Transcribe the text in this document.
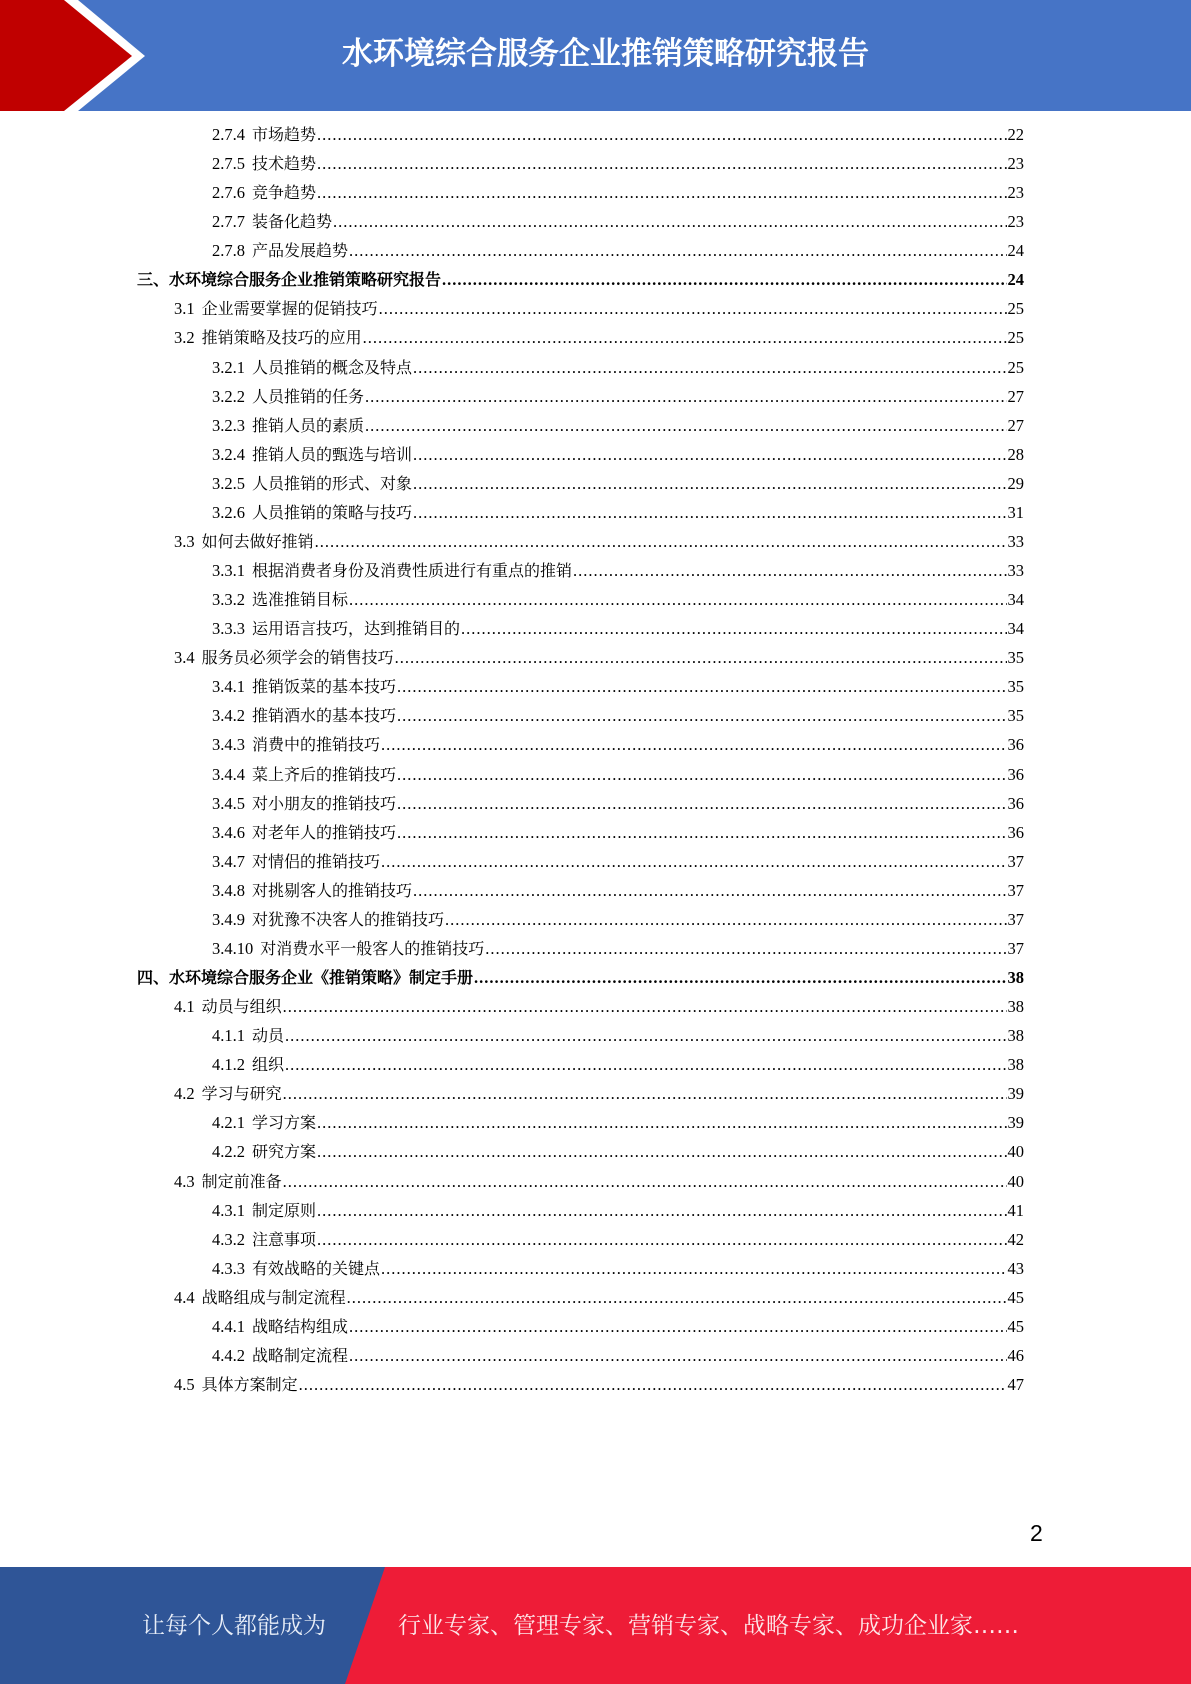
水环境综合服务企业推销策略研究报告
2.7.4 市场趋势 .....	22
2.7.5 技术趋势 .....	23
2.7.6 竞争趋势 .....	23
2.7.7 装备化趋势 .....	23
2.7.8 产品发展趋势 .....	24
三、水环境综合服务企业推销策略研究报告 .....	24
3.1 企业需要掌握的促销技巧 .....	25
3.2 推销策略及技巧的应用 .....	25
3.2.1 人员推销的概念及特点 .....	25
3.2.2 人员推销的任务 .....	27
3.2.3 推销人员的素质 .....	27
3.2.4 推销人员的甄选与培训 .....	28
3.2.5 人员推销的形式、对象 .....	29
3.2.6 人员推销的策略与技巧 .....	31
3.3 如何去做好推销 .....	33
3.3.1 根据消费者身份及消费性质进行有重点的推销 .....	33
3.3.2 选准推销目标 .....	34
3.3.3 运用语言技巧，达到推销目的 .....	34
3.4 服务员必须学会的销售技巧 .....	35
3.4.1 推销饭菜的基本技巧 .....	35
3.4.2 推销酒水的基本技巧 .....	35
3.4.3 消费中的推销技巧 .....	36
3.4.4 菜上齐后的推销技巧 .....	36
3.4.5 对小朋友的推销技巧 .....	36
3.4.6 对老年人的推销技巧 .....	36
3.4.7 对情侣的推销技巧 .....	37
3.4.8 对挑剔客人的推销技巧 .....	37
3.4.9 对犹豫不决客人的推销技巧 .....	37
3.4.10 对消费水平一般客人的推销技巧 .....	37
四、水环境综合服务企业《推销策略》制定手册 .....	38
4.1 动员与组织 .....	38
4.1.1 动员 .....	38
4.1.2 组织 .....	38
4.2 学习与研究 .....	39
4.2.1 学习方案 .....	39
4.2.2 研究方案 .....	40
4.3 制定前准备 .....	40
4.3.1 制定原则 .....	41
4.3.2 注意事项 .....	42
4.3.3 有效战略的关键点 .....	43
4.4 战略组成与制定流程 .....	45
4.4.1 战略结构组成 .....	45
4.4.2 战略制定流程 .....	46
4.5 具体方案制定 .....	47
2
让每个人都能成为	行业专家、管理专家、营销专家、战略专家、成功企业家……
